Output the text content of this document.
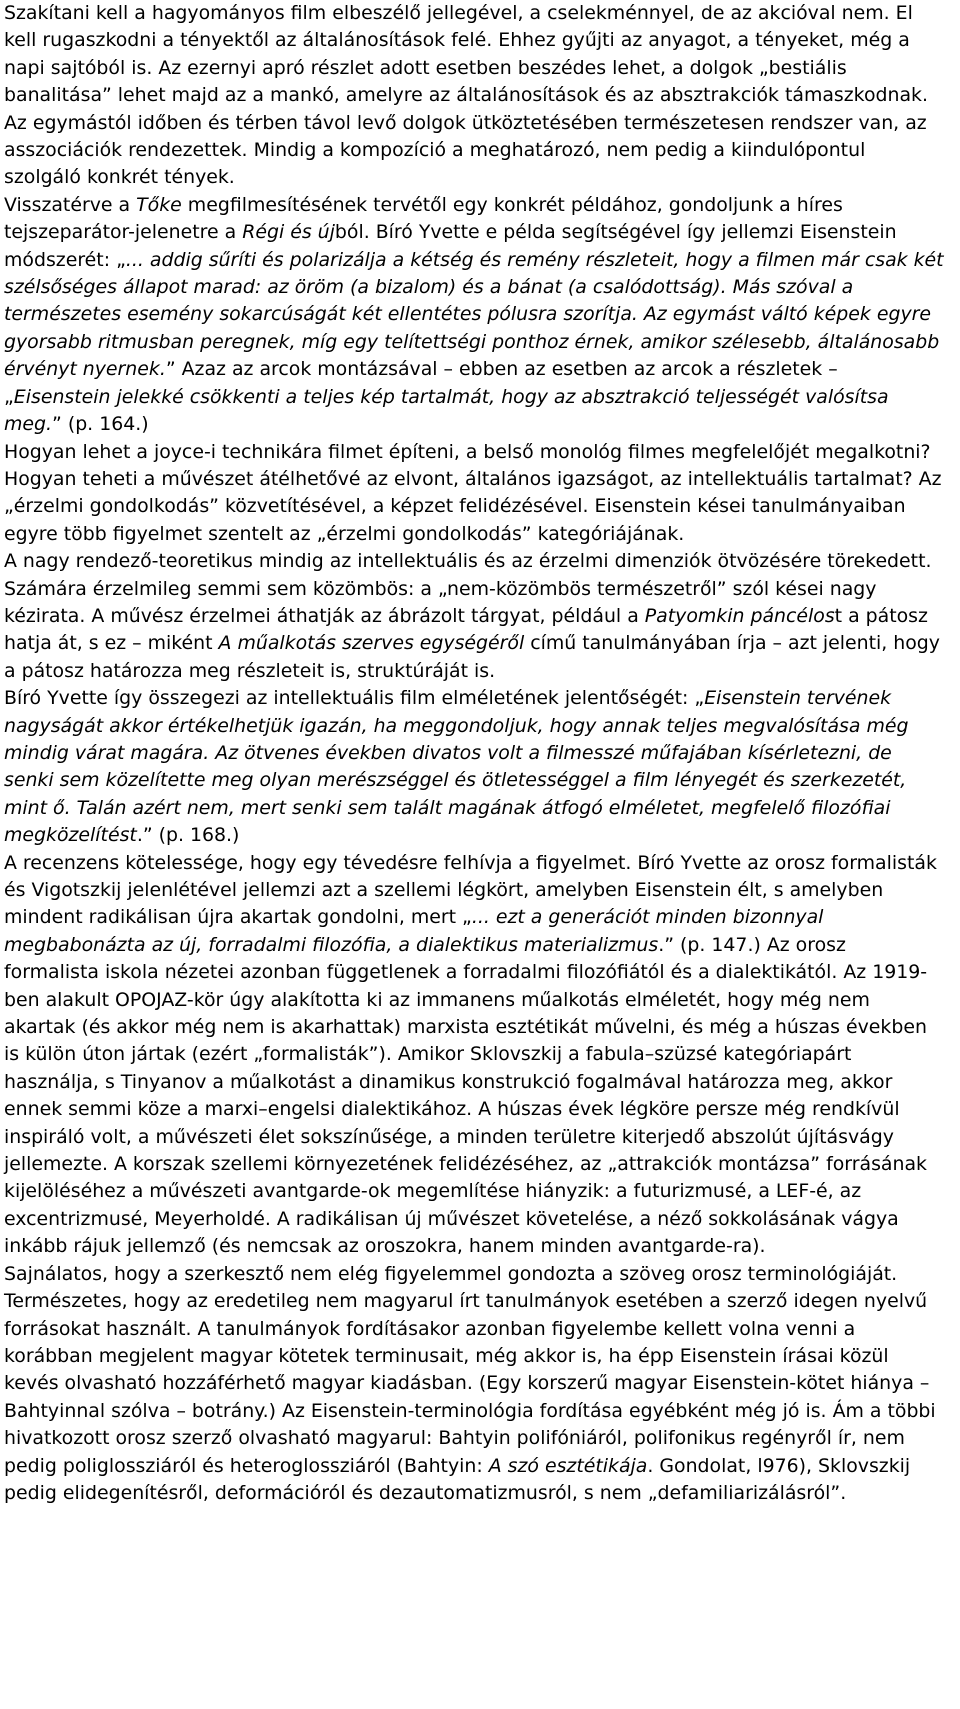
Szakítani kell a hagyományos film elbeszélő jellegével, a cselekménnyel, de az akcióval nem. El kell rugaszkodni a tényektől az általánosítások felé. Ehhez gyűjti az anyagot, a tényeket, még a napi sajtóból is. Az ezernyi apró részlet adott esetben beszédes lehet, a dolgok „bestiális banalitása” lehet majd az a mankó, amelyre az általánosítások és az absztrakciók támaszkodnak. Az egymástól időben és térben távol levő dolgok ütköztetésében természetesen rendszer van, az asszociációk rendezettek. Mindig a kompozíció a meghatározó, nem pedig a kiindulópontul szolgáló konkrét tények.

Visszatérve a Tőke megfilmesítésének tervétől egy konkrét példához, gondoljunk a híres tejszeparátor-jelenetre a Régi és újból. Bíró Yvette e példa segítségével így jellemzi Eisenstein módszerét: „... addig sűríti és polarizálja a kétség és remény részleteit, hogy a filmen már csak két szélsőséges állapot marad: az öröm (a bizalom) és a bánat (a csalódottság). Más szóval a természetes esemény sokarcúságát két ellentétes pólusra szorítja. Az egymást váltó képek egyre gyorsabb ritmusban peregnek, míg egy telítettségi ponthoz érnek, amikor szélesebb, általánosabb érvényt nyernek.” Azaz az arcok montázsával – ebben az esetben az arcok a részletek – „Eisenstein jelekké csökkenti a teljes kép tartalmát, hogy az absztrakció teljességét valósítsa meg.” (p. 164.)

Hogyan lehet a joyce-i technikára filmet építeni, a belső monológ filmes megfelelőjét megalkotni? Hogyan teheti a művészet átélhetővé az elvont, általános igazságot, az intellektuális tartalmat? Az „érzelmi gondolkodás” közvetítésével, a képzet felidézésével. Eisenstein kései tanulmányaiban egyre több figyelmet szentelt az „érzelmi gondolkodás” kategóriájának.

A nagy rendező-teoretikus mindig az intellektuális és az érzelmi dimenziók ötvözésére törekedett. Számára érzelmileg semmi sem közömbös: a „nem-közömbös természetről” szól kései nagy kézirata. A művész érzelmei áthatják az ábrázolt tárgyat, például a Patyomkin páncélost a pátosz hatja át, s ez – miként A műalkotás szerves egységéről című tanulmányában írja – azt jelenti, hogy a pátosz határozza meg részleteit is, struktúráját is.

Bíró Yvette így összegezi az intellektuális film elméletének jelentőségét: „Eisenstein tervének nagyságát akkor értékelhetjük igazán, ha meggondoljuk, hogy annak teljes megvalósítása még mindig várat magára. Az ötvenes években divatos volt a filmesszé műfajában kísérletezni, de senki sem közelítette meg olyan merészséggel és ötletességgel a film lényegét és szerkezetét, mint ő. Talán azért nem, mert senki sem talált magának átfogó elméletet, megfelelő filozófiai megközelítést.” (p. 168.)

A recenzens kötelessége, hogy egy tévedésre felhívja a figyelmet. Bíró Yvette az orosz formalisták és Vigotszkij jelenlétével jellemzi azt a szellemi légkört, amelyben Eisenstein élt, s amelyben mindent radikálisan újra akartak gondolni, mert „... ezt a generációt minden bizonnyal megbabonázta az új, forradalmi filozófia, a dialektikus materializmus.” (p. 147.) Az orosz formalista iskola nézetei azonban függetlenek a forradalmi filozófiától és a dialektikától. Az 1919-ben alakult OPOJAZ-kör úgy alakította ki az immanens műalkotás elméletét, hogy még nem akartak (és akkor még nem is akarhattak) marxista esztétikát művelni, és még a húszas években is külön úton jártak (ezért „formalisták”). Amikor Sklovszkij a fabula–szüzsé kategóriapárt használja, s Tinyanov a műalkotást a dinamikus konstrukció fogalmával határozza meg, akkor ennek semmi köze a marxi–engelsi dialektikához. A húszas évek légköre persze még rendkívül inspiráló volt, a művészeti élet sokszínűsége, a minden területre kiterjedő abszolút újításvágy jellemezte. A korszak szellemi környezetének felidézéséhez, az „attrakciók montázsa” forrásának kijelöléséhez a művészeti avantgarde-ok megemlítése hiányzik: a futurizmusé, a LEF-é, az excentrizmusé, Meyerholdé. A radikálisan új művészet követelése, a néző sokkolásának vágya inkább rájuk jellemző (és nemcsak az oroszokra, hanem minden avantgarde-ra).

Sajnálatos, hogy a szerkesztő nem elég figyelemmel gondozta a szöveg orosz terminológiáját. Természetes, hogy az eredetileg nem magyarul írt tanulmányok esetében a szerző idegen nyelvű forrásokat használt. A tanulmányok fordításakor azonban figyelembe kellett volna venni a korábban megjelent magyar kötetek terminusait, még akkor is, ha épp Eisenstein írásai közül kevés olvasható hozzáférhető magyar kiadásban. (Egy korszerű magyar Eisenstein-kötet hiánya – Bahtyinnal szólva – botrány.) Az Eisenstein-terminológia fordítása egyébként még jó is. Ám a többi hivatkozott orosz szerző olvasható magyarul: Bahtyin polifóniáról, polifonikus regényről ír, nem pedig poliglossziáról és heteroglossziáról (Bahtyin: A szó esztétikája. Gondolat, l976), Sklovszkij pedig elidegenítésről, deformációról és dezautomatizmusról, s nem „defamiliarizálásról”.
